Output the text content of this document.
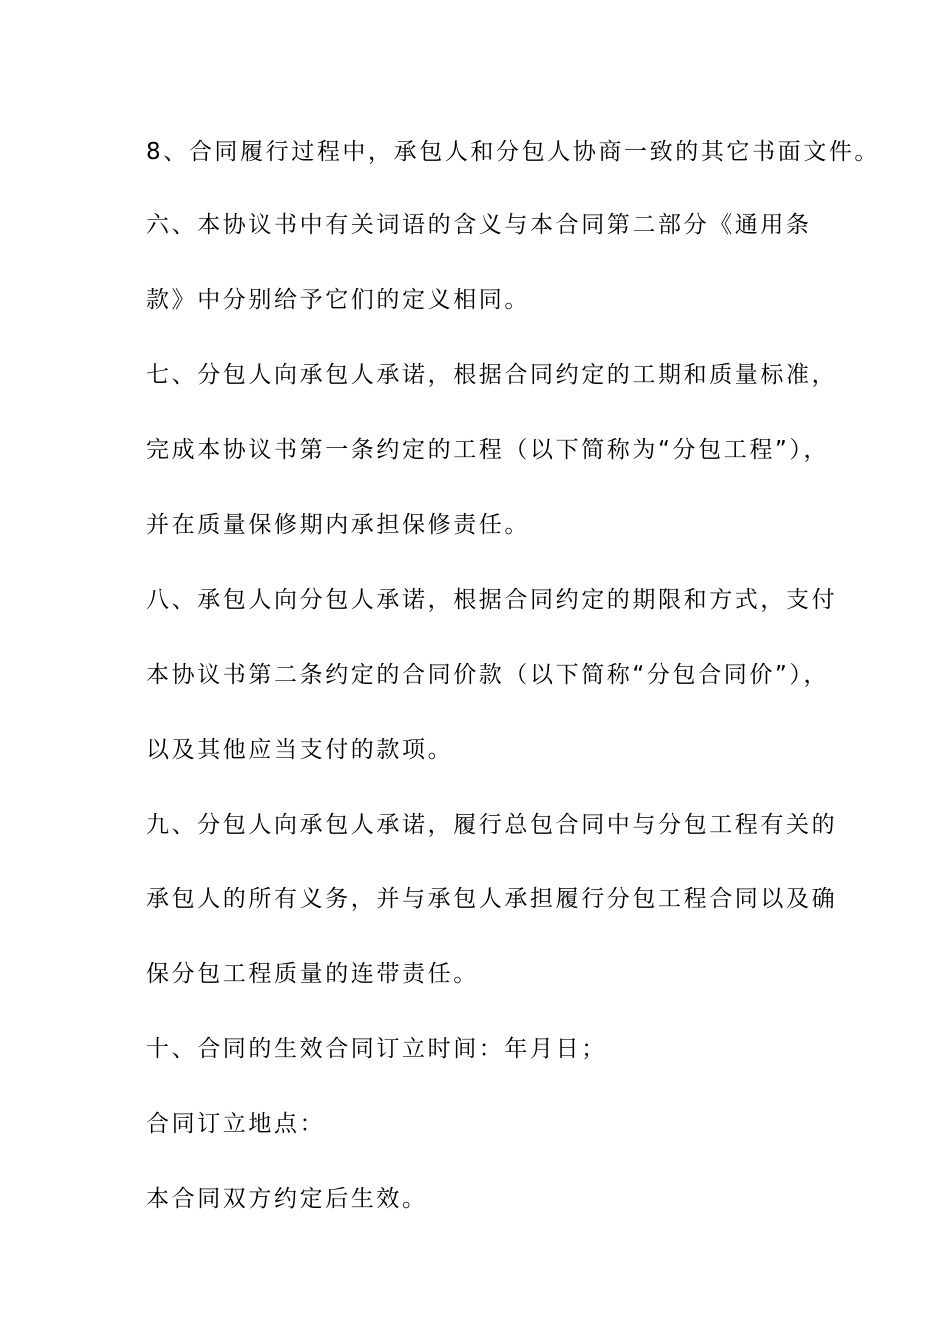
8、合同履行过程中，承包人和分包人协商一致的其它书面文件。
六、本协议书中有关词语的含义与本合同第二部分《通用条
款》中分别给予它们的定义相同。
七、分包人向承包人承诺，根据合同约定的工期和质量标准，
完成本协议书第一条约定的工程（以下简称为“分包工程”），
并在质量保修期内承担保修责任。
八、承包人向分包人承诺，根据合同约定的期限和方式，支付
本协议书第二条约定的合同价款（以下简称“分包合同价”），
以及其他应当支付的款项。
九、分包人向承包人承诺，履行总包合同中与分包工程有关的
承包人的所有义务，并与承包人承担履行分包工程合同以及确
保分包工程质量的连带责任。
十、合同的生效合同订立时间：年月日；
合同订立地点：
本合同双方约定后生效。
